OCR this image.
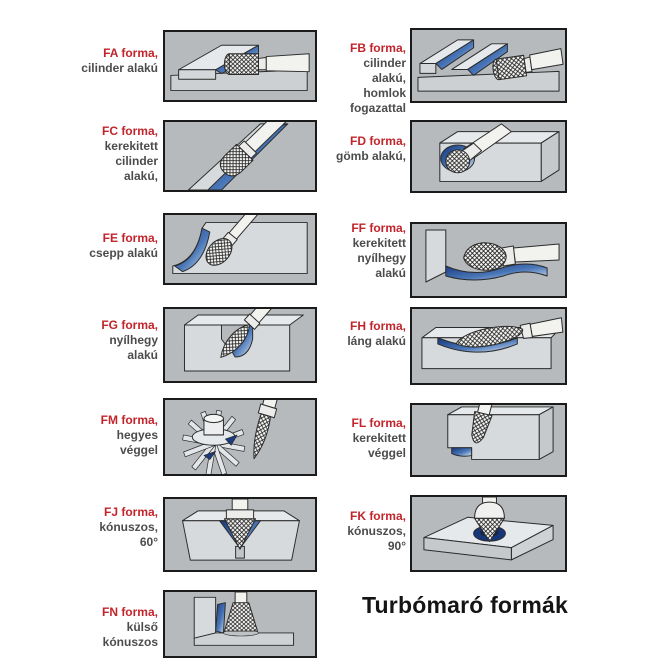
FA forma,
cilinder alakú
FC forma,
kerekitett
cilinder
alakú,
FE forma,
csepp alakú
FG forma,
nyílhegy
alakú
FM forma,
hegyes
véggel
FJ forma,
kónuszos,
60°
FN forma,
külső
kónuszos
FB forma,
cilinder
alakú,
homlok
fogazattal
FD forma,
gömb alakú,
FF forma,
kerekitett
nyílhegy
alakú
FH forma,
láng alakú
FL forma,
kerekitett
véggel
FK forma,
kónuszos,
90°
Turbómaró formák
